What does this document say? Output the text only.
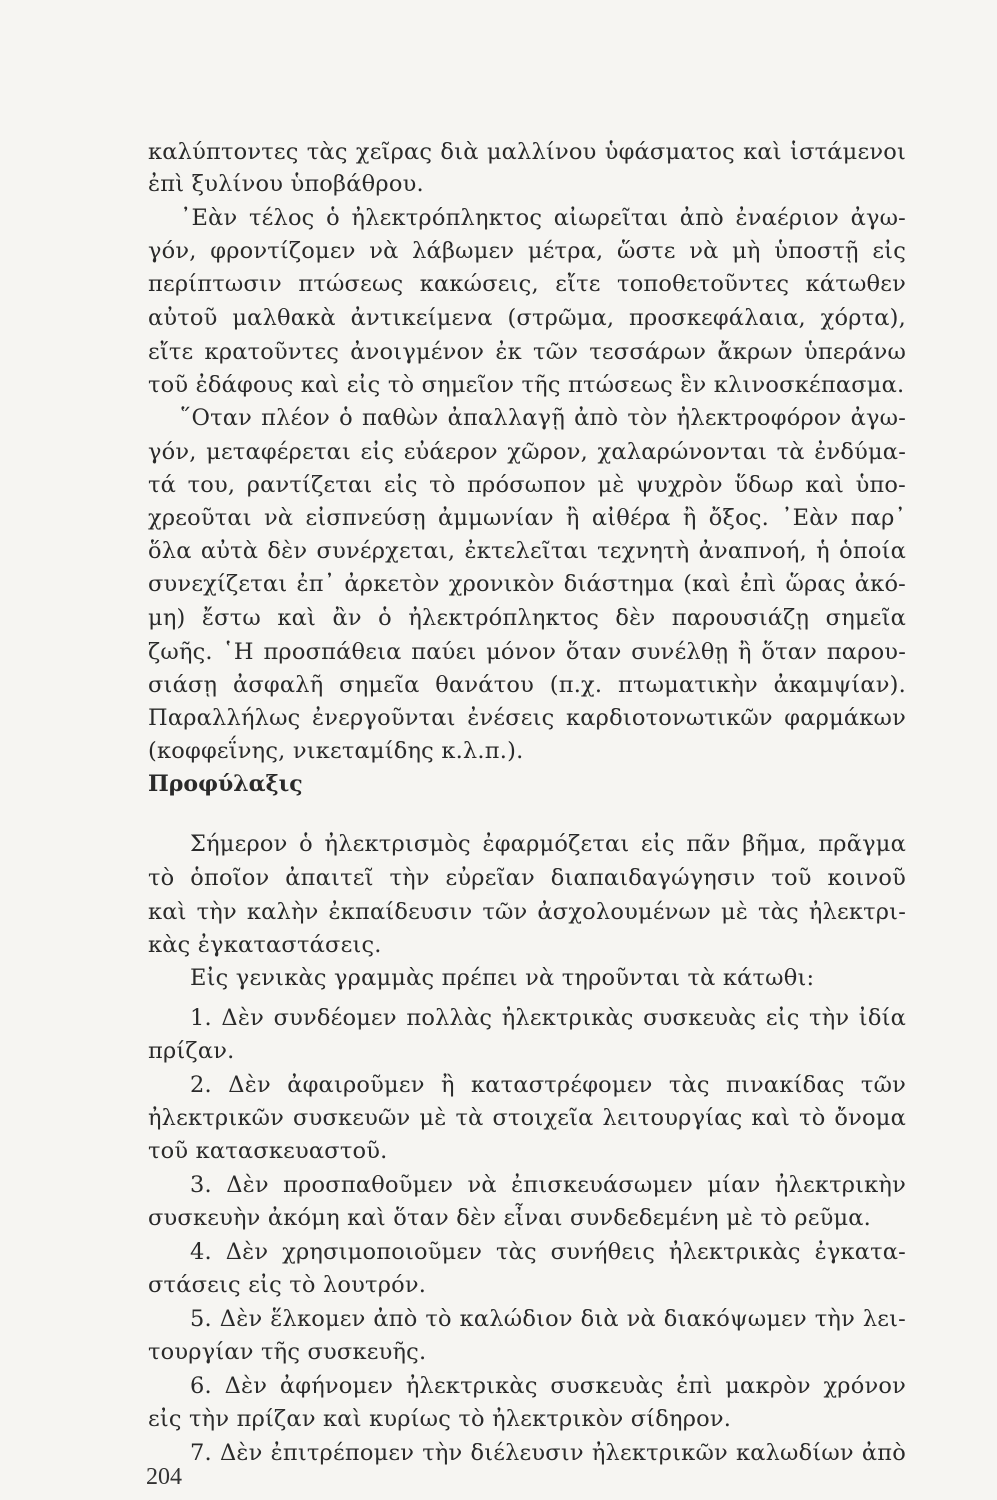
καλύπτοντες τὰς χεῖρας διὰ μαλλίνου ὑφάσματος καὶ ἱστάμενοι
ἐπὶ ξυλίνου ὑποβάθρου.
᾿Εὰν τέλος ὁ ἠλεκτρόπληκτος αἰωρεῖται ἀπὸ ἐναέριον ἀγω-
γόν, φροντίζομεν νὰ λάβωμεν μέτρα, ὥστε νὰ μὴ ὑποστῇ εἰς
περίπτωσιν πτώσεως κακώσεις, εἴτε τοποθετοῦντες κάτωθεν
αὐτοῦ μαλθακὰ ἀντικείμενα (στρῶμα, προσκεφάλαια, χόρτα),
εἴτε κρατοῦντες ἀνοιγμένον ἐκ τῶν τεσσάρων ἄκρων ὑπεράνω
τοῦ ἐδάφους καὶ εἰς τὸ σημεῖον τῆς πτώσεως ἓν κλινοσκέπασμα.
῞Οταν πλέον ὁ παθὼν ἀπαλλαγῇ ἀπὸ τὸν ἠλεκτροφόρον ἀγω-
γόν, μεταφέρεται εἰς εὐάερον χῶρον, χαλαρώνονται τὰ ἐνδύμα-
τά του, ραντίζεται εἰς τὸ πρόσωπον μὲ ψυχρὸν ὕδωρ καὶ ὑπο-
χρεοῦται νὰ εἰσπνεύσῃ ἀμμωνίαν ἢ αἰθέρα ἢ ὄξος. ᾿Εὰν παρ᾿
ὅλα αὐτὰ δὲν συνέρχεται, ἐκτελεῖται τεχνητὴ ἀναπνοή, ἡ ὁποία
συνεχίζεται ἐπ᾿ ἀρκετὸν χρονικὸν διάστημα (καὶ ἐπὶ ὥρας ἀκό-
μη) ἔστω καὶ ἂν ὁ ἠλεκτρόπληκτος δὲν παρουσιάζῃ σημεῖα
ζωῆς. ῾Η προσπάθεια παύει μόνον ὅταν συνέλθῃ ἢ ὅταν παρου-
σιάσῃ ἀσφαλῆ σημεῖα θανάτου (π.χ. πτωματικὴν ἀκαμψίαν).
Παραλλήλως ἐνεργοῦνται ἐνέσεις καρδιοτονωτικῶν φαρμάκων
(κοφφεΐνης, νικεταμίδης κ.λ.π.).
Προφύλαξις
Σήμερον ὁ ἠλεκτρισμὸς ἐφαρμόζεται εἰς πᾶν βῆμα, πρᾶγμα
τὸ ὁποῖον ἀπαιτεῖ τὴν εὐρεῖαν διαπαιδαγώγησιν τοῦ κοινοῦ
καὶ τὴν καλὴν ἐκπαίδευσιν τῶν ἀσχολουμένων μὲ τὰς ἠλεκτρι-
κὰς ἐγκαταστάσεις.
Εἰς γενικὰς γραμμὰς πρέπει νὰ τηροῦνται τὰ κάτωθι:
1. Δὲν συνδέομεν πολλὰς ἠλεκτρικὰς συσκευὰς εἰς τὴν ἰδία
πρίζαν.
2. Δὲν ἀφαιροῦμεν ἢ καταστρέφομεν τὰς πινακίδας τῶν
ἠλεκτρικῶν συσκευῶν μὲ τὰ στοιχεῖα λειτουργίας καὶ τὸ ὄνομα
τοῦ κατασκευαστοῦ.
3. Δὲν προσπαθοῦμεν νὰ ἐπισκευάσωμεν μίαν ἠλεκτρικὴν
συσκευὴν ἀκόμη καὶ ὅταν δὲν εἶναι συνδεδεμένη μὲ τὸ ρεῦμα.
4. Δὲν χρησιμοποιοῦμεν τὰς συνήθεις ἠλεκτρικὰς ἐγκατα-
στάσεις εἰς τὸ λουτρόν.
5. Δὲν ἕλκομεν ἀπὸ τὸ καλώδιον διὰ νὰ διακόψωμεν τὴν λει-
τουργίαν τῆς συσκευῆς.
6. Δὲν ἀφήνομεν ἠλεκτρικὰς συσκευὰς ἐπὶ μακρὸν χρόνον
εἰς τὴν πρίζαν καὶ κυρίως τὸ ἠλεκτρικὸν σίδηρον.
7. Δὲν ἐπιτρέπομεν τὴν διέλευσιν ἠλεκτρικῶν καλωδίων ἀπὸ
204
